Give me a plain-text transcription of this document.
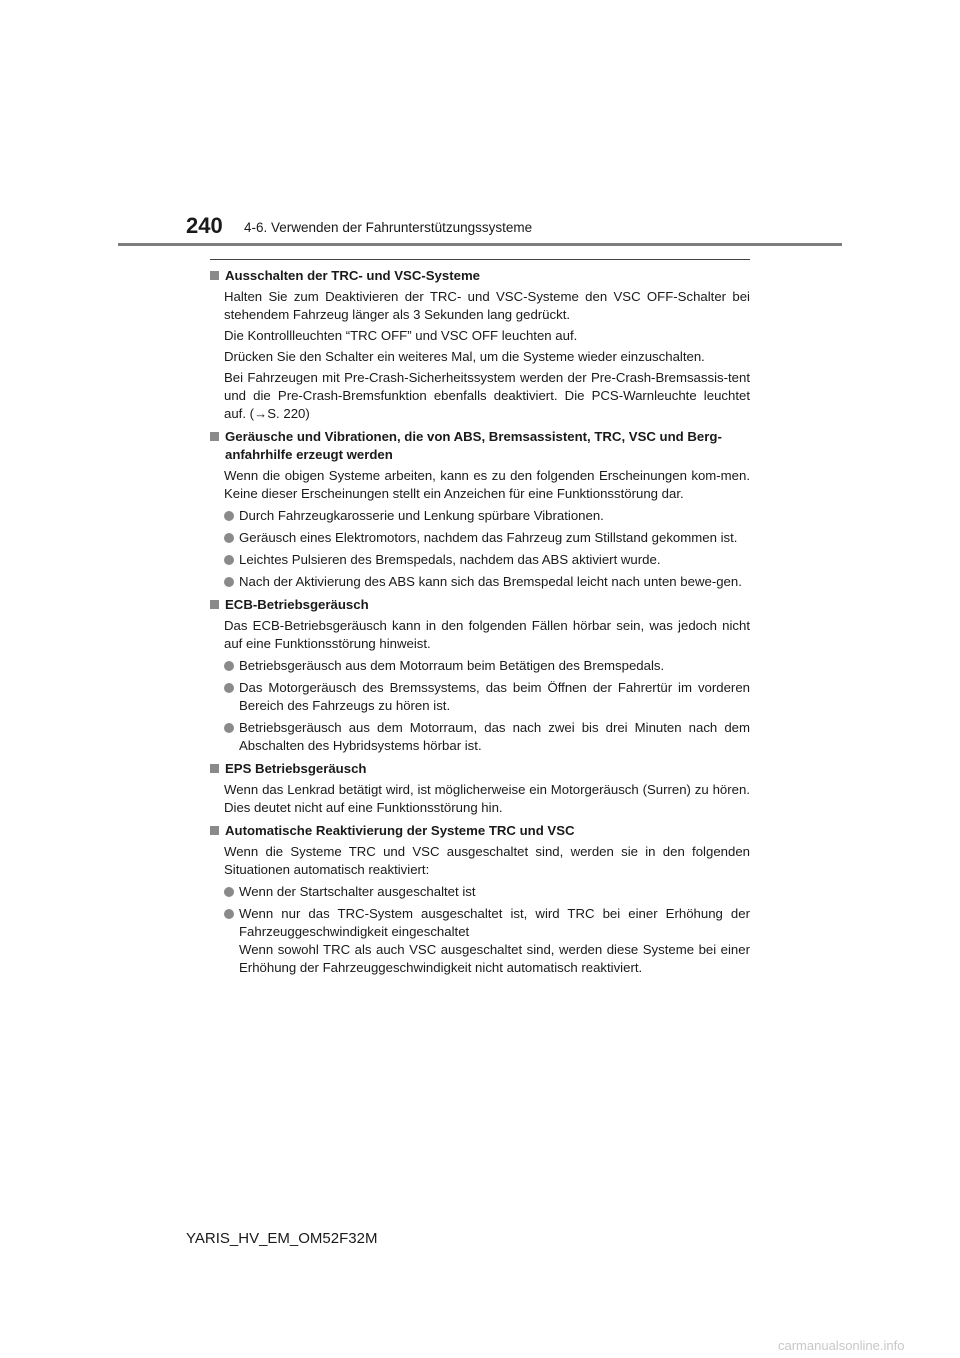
240 4-6. Verwenden der Fahrunterstützungssysteme
Ausschalten der TRC- und VSC-Systeme
Halten Sie zum Deaktivieren der TRC- und VSC-Systeme den VSC OFF-Schalter bei stehendem Fahrzeug länger als 3 Sekunden lang gedrückt.
Die Kontrollleuchten “TRC OFF” und VSC OFF leuchten auf.
Drücken Sie den Schalter ein weiteres Mal, um die Systeme wieder einzuschalten.
Bei Fahrzeugen mit Pre-Crash-Sicherheitssystem werden der Pre-Crash-Bremsassis-tent und die Pre-Crash-Bremsfunktion ebenfalls deaktiviert. Die PCS-Warnleuchte leuchtet auf. (→S. 220)
Geräusche und Vibrationen, die von ABS, Bremsassistent, TRC, VSC und Berg-anfahrhilfe erzeugt werden
Wenn die obigen Systeme arbeiten, kann es zu den folgenden Erscheinungen kom-men. Keine dieser Erscheinungen stellt ein Anzeichen für eine Funktionsstörung dar.
Durch Fahrzeugkarosserie und Lenkung spürbare Vibrationen.
Geräusch eines Elektromotors, nachdem das Fahrzeug zum Stillstand gekommen ist.
Leichtes Pulsieren des Bremspedals, nachdem das ABS aktiviert wurde.
Nach der Aktivierung des ABS kann sich das Bremspedal leicht nach unten bewe-gen.
ECB-Betriebsgeräusch
Das ECB-Betriebsgeräusch kann in den folgenden Fällen hörbar sein, was jedoch nicht auf eine Funktionsstörung hinweist.
Betriebsgeräusch aus dem Motorraum beim Betätigen des Bremspedals.
Das Motorgeräusch des Bremssystems, das beim Öffnen der Fahrertür im vorderen Bereich des Fahrzeugs zu hören ist.
Betriebsgeräusch aus dem Motorraum, das nach zwei bis drei Minuten nach dem Abschalten des Hybridsystems hörbar ist.
EPS Betriebsgeräusch
Wenn das Lenkrad betätigt wird, ist möglicherweise ein Motorgeräusch (Surren) zu hören. Dies deutet nicht auf eine Funktionsstörung hin.
Automatische Reaktivierung der Systeme TRC und VSC
Wenn die Systeme TRC und VSC ausgeschaltet sind, werden sie in den folgenden Situationen automatisch reaktiviert:
Wenn der Startschalter ausgeschaltet ist
Wenn nur das TRC-System ausgeschaltet ist, wird TRC bei einer Erhöhung der Fahrzeuggeschwindigkeit eingeschaltet
Wenn sowohl TRC als auch VSC ausgeschaltet sind, werden diese Systeme bei einer Erhöhung der Fahrzeuggeschwindigkeit nicht automatisch reaktiviert.
YARIS_HV_EM_OM52F32M
carmanualsonline.info
